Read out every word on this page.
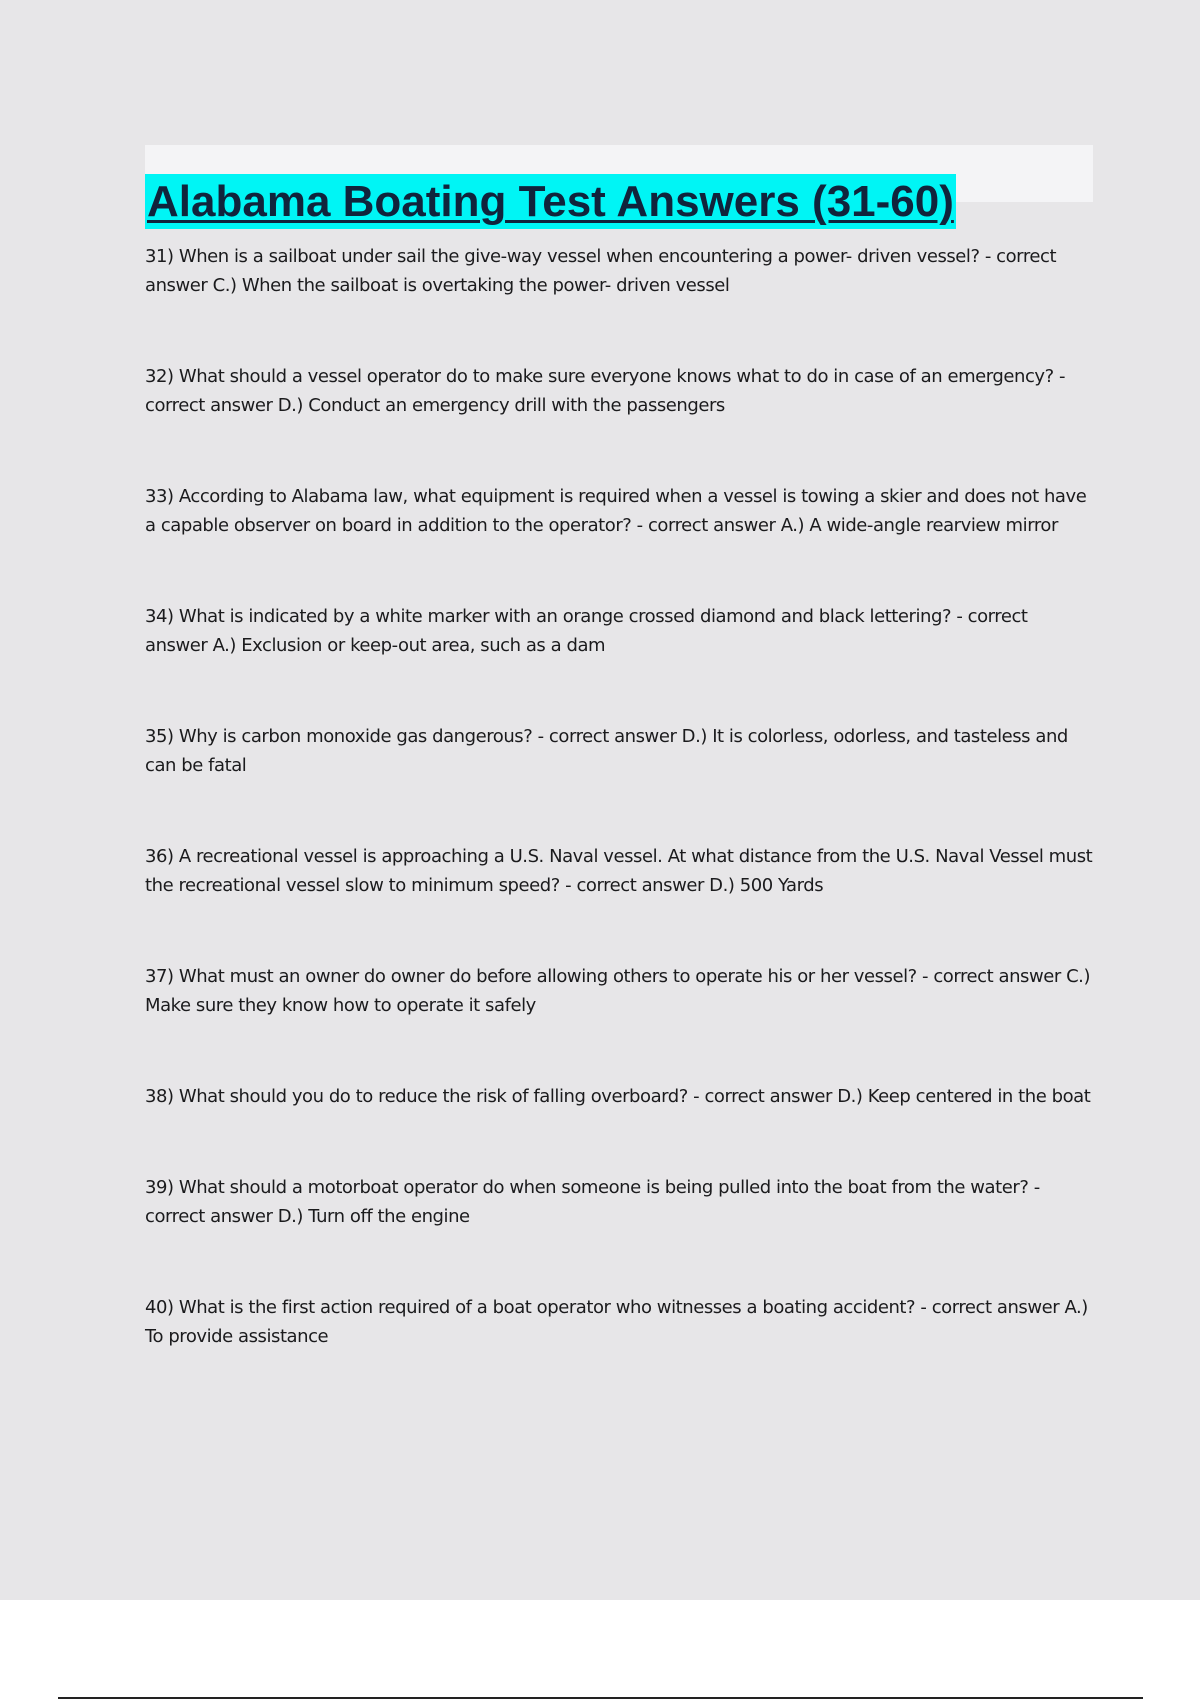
Alabama Boating Test Answers (31-60)
31) When is a sailboat under sail the give-way vessel when encountering a power- driven vessel? - correct answer C.) When the sailboat is overtaking the power- driven vessel
32) What should a vessel operator do to make sure everyone knows what to do in case of an emergency? - correct answer D.) Conduct an emergency drill with the passengers
33) According to Alabama law, what equipment is required when a vessel is towing a skier and does not have a capable observer on board in addition to the operator? - correct answer A.) A wide-angle rearview mirror
34) What is indicated by a white marker with an orange crossed diamond and black lettering? - correct answer A.) Exclusion or keep-out area, such as a dam
35) Why is carbon monoxide gas dangerous? - correct answer D.) It is colorless, odorless, and tasteless and can be fatal
36) A recreational vessel is approaching a U.S. Naval vessel. At what distance from the U.S. Naval Vessel must the recreational vessel slow to minimum speed? - correct answer D.) 500 Yards
37) What must an owner do owner do before allowing others to operate his or her vessel? - correct answer C.) Make sure they know how to operate it safely
38) What should you do to reduce the risk of falling overboard? - correct answer D.) Keep centered in the boat
39) What should a motorboat operator do when someone is being pulled into the boat from the water? - correct answer D.) Turn off the engine
40) What is the first action required of a boat operator who witnesses a boating accident? - correct answer A.) To provide assistance
